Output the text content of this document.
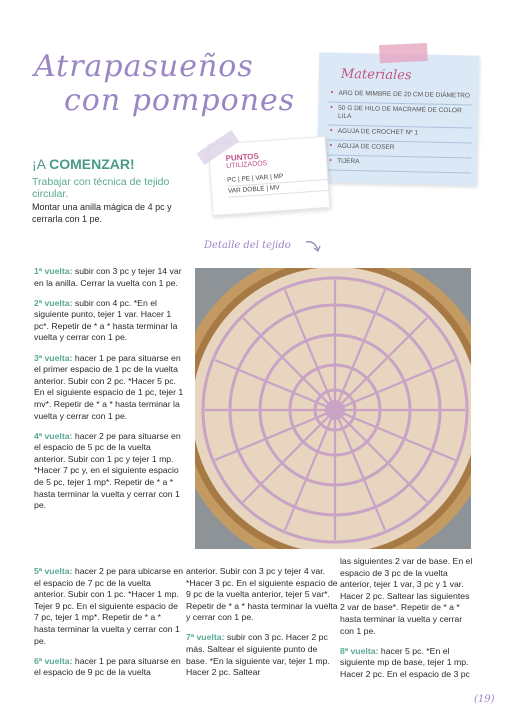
Atrapasueños
con pompones
Materiales
• ARO DE MIMBRE DE 20 CM DE DIÁMETRO
• 50 G DE HILO DE MACRAMÉ DE COLOR LILA
• AGUJA DE CROCHET Nº 1
• AGUJA DE COSER
• TIJERA
PUNTOS
UTILIZADOS
PC | PE | VAR | MP
VAR DOBLE | MV
¡A COMENZAR!
Trabajar con técnica de tejido circular.
Montar una anilla mágica de 4 pc y cerrarla con 1 pe.
Detalle del tejido

1ª vuelta: subir con 3 pc y tejer 14 var en la anilla. Cerrar la vuelta con 1 pe.

2ª vuelta: subir con 4 pc. *En el siguiente punto, tejer 1 var. Hacer 1 pc*. Repetir de * a * hasta terminar la vuelta y cerrar con 1 pe.

3ª vuelta: hacer 1 pe para situarse en el primer espacio de 1 pc de la vuelta anterior. Subir con 2 pc. *Hacer 5 pc. En el siguiente espacio de 1 pc, tejer 1 mv*. Repetir de * a * hasta terminar la vuelta y cerrar con 1 pe.

4ª vuelta: hacer 2 pe para situarse en el espacio de 5 pc de la vuelta anterior. Subir con 1 pc y tejer 1 mp. *Hacer 7 pc y, en el siguiente espacio de 5 pc, tejer 1 mp*. Repetir de * a * hasta terminar la vuelta y cerrar con 1 pe.

5ª vuelta: hacer 2 pe para ubicarse en el espacio de 7 pc de la vuelta anterior. Subir con 1 pc. *Hacer 1 mp. Tejer 9 pc. En el siguiente espacio de 7 pc, tejer 1 mp*. Repetir de * a * hasta terminar la vuelta y cerrar con 1 pe.

6ª vuelta: hacer 1 pe para situarse en el espacio de 9 pc de la vuelta

anterior. Subir con 3 pc y tejer 4 var. *Hacer 3 pc. En el siguiente espacio de 9 pc de la vuelta anterior, tejer 5 var*. Repetir de * a * hasta terminar la vuelta y cerrar con 1 pe.

7ª vuelta: subir con 3 pc. Hacer 2 pc más. Saltear el siguiente punto de base. *En la siguiente var, tejer 1 mp. Hacer 2 pc. Saltear

las siguientes 2 var de base. En el espacio de 3 pc de la vuelta anterior, tejer 1 var, 3 pc y 1 var. Hacer 2 pc. Saltear las siguientes 2 var de base*. Repetir de * a * hasta terminar la vuelta y cerrar con 1 pe.

8ª vuelta: hacer 5 pc. *En el siguiente mp de base, tejer 1 mp. Hacer 2 pc. En el espacio de 3 pc

(19)
